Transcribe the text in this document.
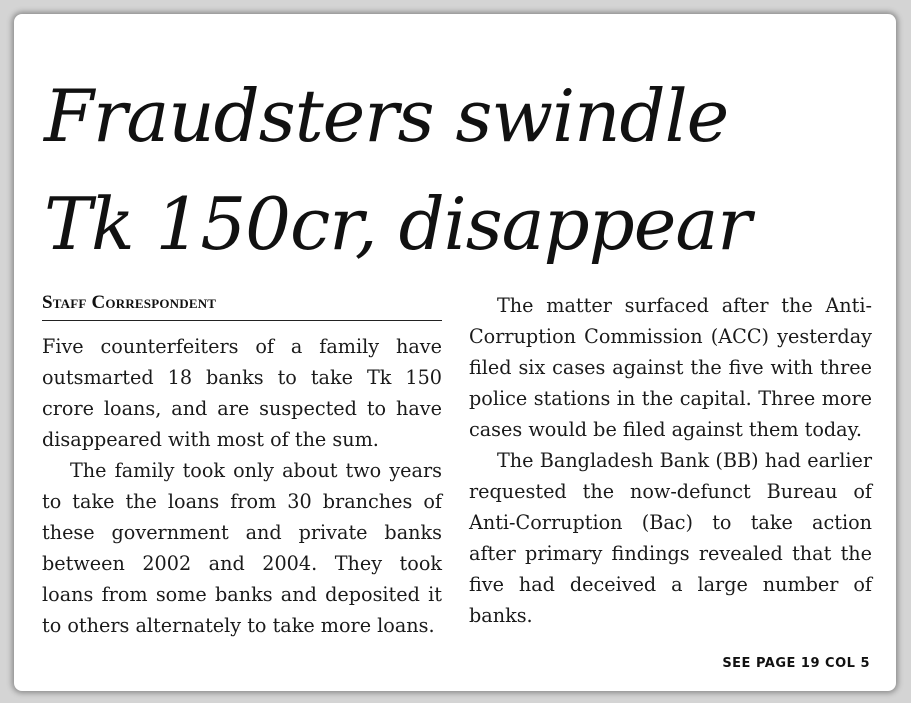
Fraudsters swindle
Tk 150cr, disappear
Staff Correspondent

Five counterfeiters of a family have outsmarted 18 banks to take Tk 150 crore loans, and are suspected to have disappeared with most of the sum.

The family took only about two years to take the loans from 30 branches of these government and private banks between 2002 and 2004. They took loans from some banks and deposited it to others alternately to take more loans.

The matter surfaced after the Anti-Corruption Commission (ACC) yesterday filed six cases against the five with three police stations in the capital. Three more cases would be filed against them today.

The Bangladesh Bank (BB) had earlier requested the now-defunct Bureau of Anti-Corruption (Bac) to take action after primary findings revealed that the five had deceived a large number of banks.

SEE PAGE 19 COL 5
